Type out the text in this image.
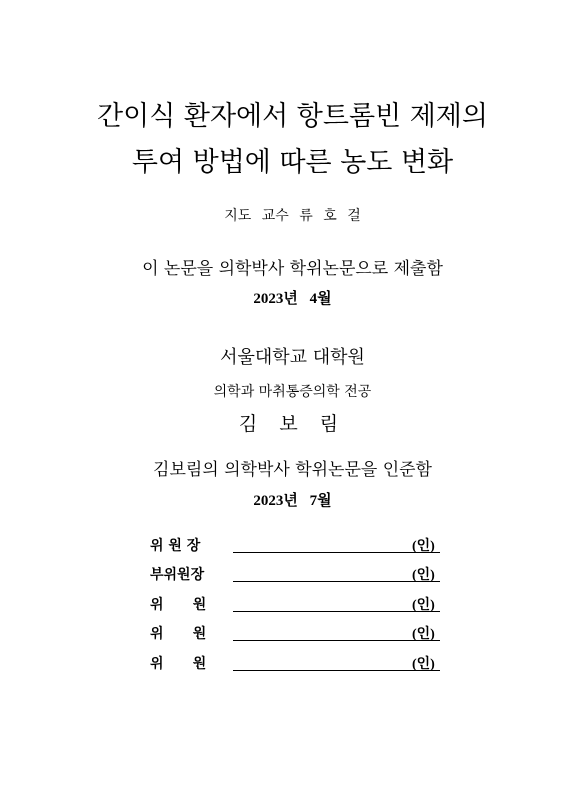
간이식 환자에서 항트롬빈 제제의
투여 방법에 따른 농도 변화
지도 교수 류 호 걸
이 논문을 의학박사 학위논문으로 제출함
2023년 4월
서울대학교 대학원
의학과 마취통증의학 전공
김 보 림
김보림의 의학박사 학위논문을 인준함
2023년 7월
위 원 장	(인)
부위원장	(인)
위      원	(인)
위      원	(인)
위      원	(인)
